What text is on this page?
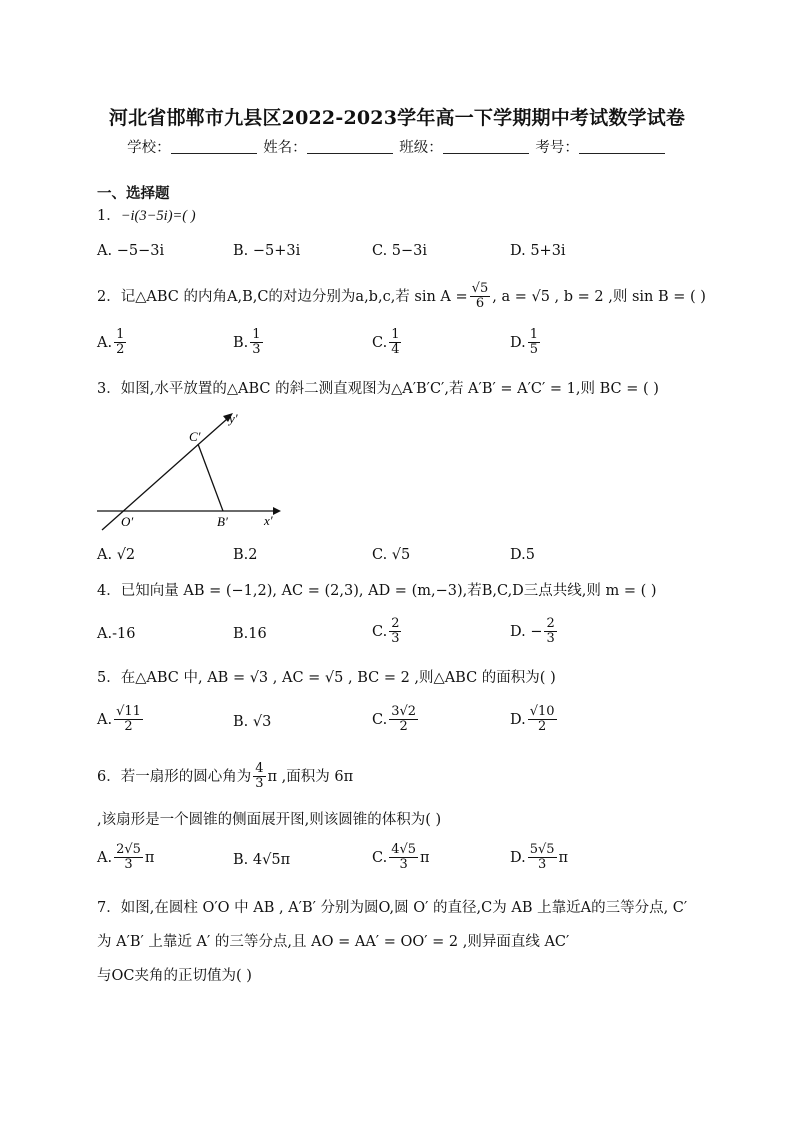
河北省邯郸市九县区2022-2023学年高一下学期期中考试数学试卷
学校：	姓名：	班级：	考号：
一、选择题
1．−i(3−5i)=( )
A. −5−3i	B. −5+3i	C. 5−3i	D. 5+3i
2．记△ABC 的内角A,B,C的对边分别为a,b,c,若 $\sin A = \frac{√5}{6}$ , a = √5 , b = 2 ,则 sin B = ( )
A. $\frac{1}{2}$	B. $\frac{1}{3}$	C. $\frac{1}{4}$	D. $\frac{1}{5}$
3．如图,水平放置的△ABC 的斜二测直观图为△A′B′C′,若 A′B′ = A′C′ = 1,则 BC = ( )
C′
O′	B′	x′
y′
A. √2	B.2	C. √5	D.5
4．已知向量 AB = (−1,2), AC = (2,3), AD = (m,−3),若B,C,D三点共线,则 m = ( )
A.-16	B.16	C. $\frac{2}{3}$	D. − $\frac{2}{3}$
5．在△ABC 中, AB = √3 , AC = √5 , BC = 2 ,则△ABC 的面积为( )
A. $\frac{√11}{2}$	B. √3	C. $\frac{3√2}{2}$	D. $\frac{√10}{2}$
6．若一扇形的圆心角为 $\frac{4}{3}$ π ,面积为 6π
,该扇形是一个圆锥的侧面展开图,则该圆锥的体积为( )
A. $\frac{2√5}{3}$ π	B. 4√5π	C. $\frac{4√5}{3}$ π	D. $\frac{5√5}{3}$ π
7．如图,在圆柱 O′O 中 AB , A′B′ 分别为圆O,圆 O′ 的直径,C为 AB 上靠近A的三等分点, C′
为 A′B′ 上靠近 A′ 的三等分点,且 AO = AA′ = OO′ = 2 ,则异面直线 AC′
与OC夹角的正切值为( )
